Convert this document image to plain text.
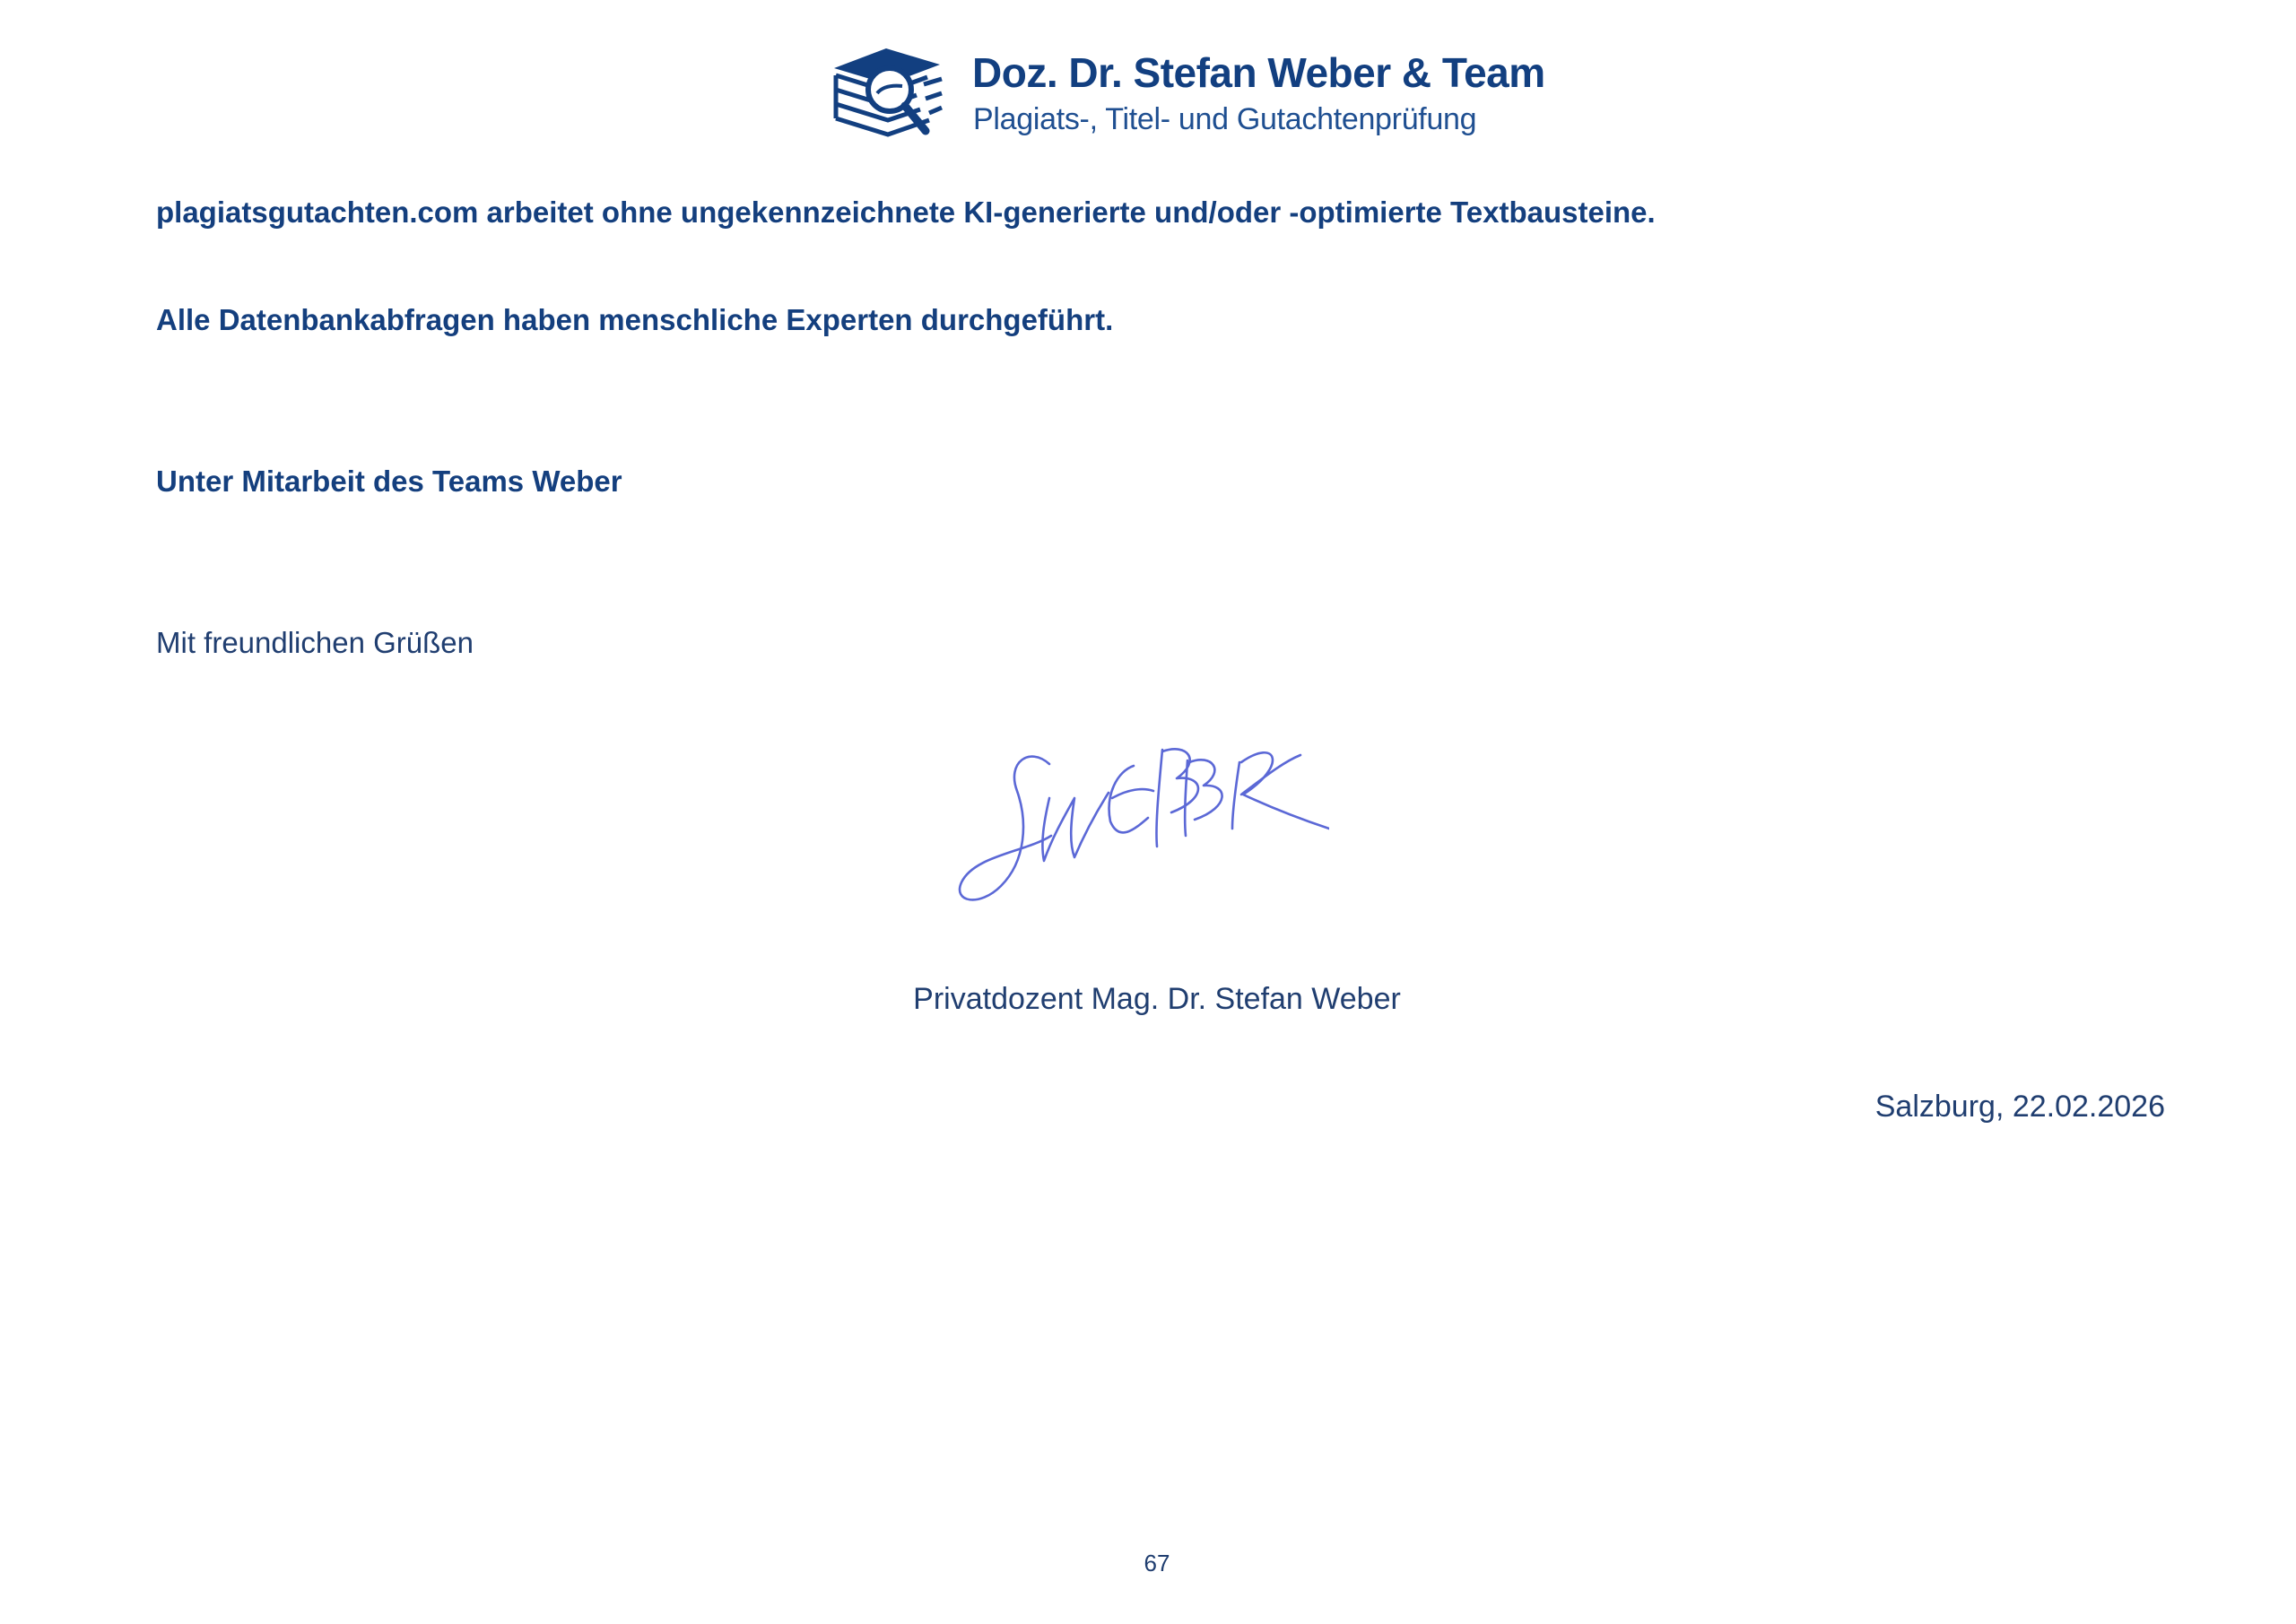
Doz. Dr. Stefan Weber & Team
Plagiats-, Titel- und Gutachtenprüfung
plagiatsgutachten.com arbeitet ohne ungekennzeichnete KI-generierte und/oder -optimierte Textbausteine.
Alle Datenbankabfragen haben menschliche Experten durchgeführt.
Unter Mitarbeit des Teams Weber
Mit freundlichen Grüßen
Privatdozent Mag. Dr. Stefan Weber
Salzburg, 22.02.2026
67
